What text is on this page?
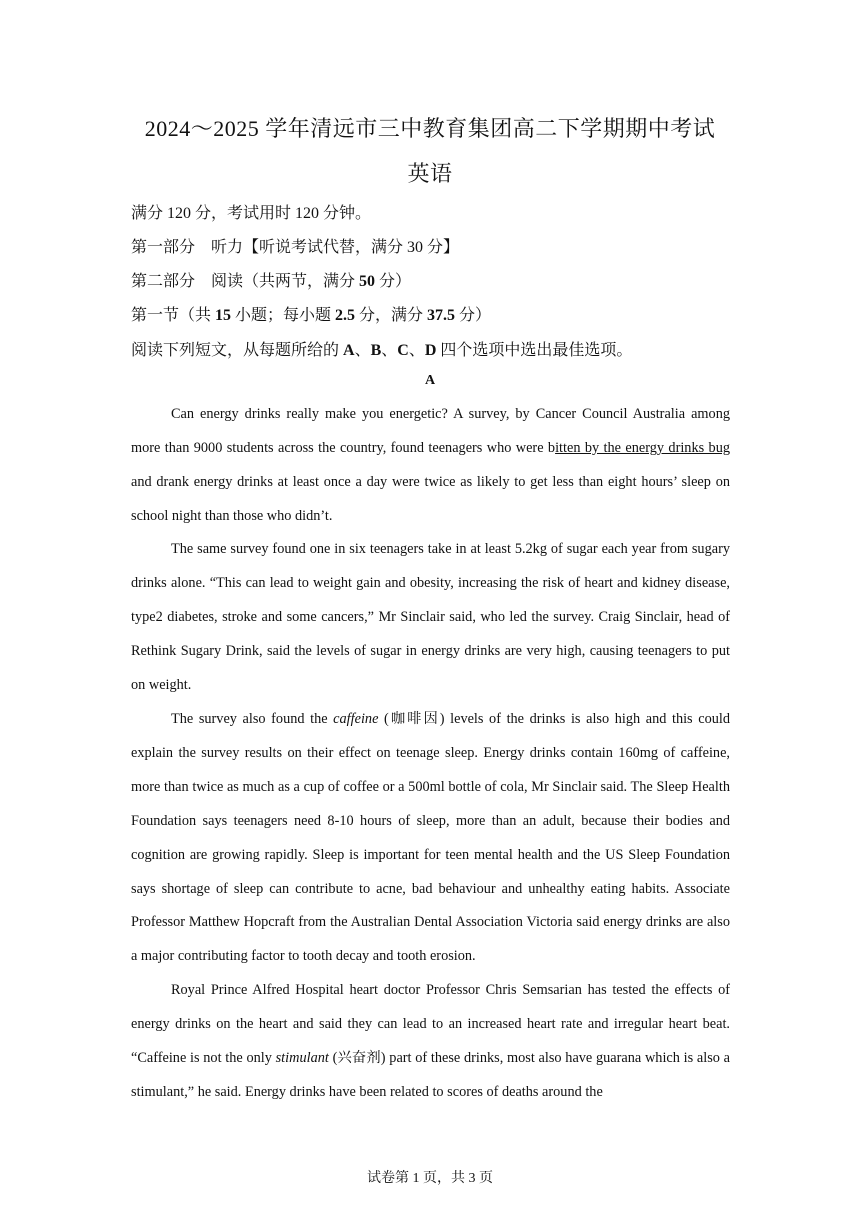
2024～2025 学年清远市三中教育集团高二下学期期中考试
英语
满分 120 分，考试用时 120 分钟。
第一部分　听力【听说考试代替，满分 30 分】
第二部分　阅读（共两节，满分 50 分）
第一节（共 15 小题；每小题 2.5 分，满分 37.5 分）
阅读下列短文，从每题所给的 A、B、C、D 四个选项中选出最佳选项。
A

Can energy drinks really make you energetic? A survey, by Cancer Council Australia among more than 9000 students across the country, found teenagers who were bitten by the energy drinks bug and drank energy drinks at least once a day were twice as likely to get less than eight hours’ sleep on school night than those who didn’t.

The same survey found one in six teenagers take in at least 5.2kg of sugar each year from sugary drinks alone. “This can lead to weight gain and obesity, increasing the risk of heart and kidney disease, type2 diabetes, stroke and some cancers,” Mr Sinclair said, who led the survey. Craig Sinclair, head of Rethink Sugary Drink, said the levels of sugar in energy drinks are very high, causing teenagers to put on weight.

The survey also found the caffeine (咖啡因) levels of the drinks is also high and this could explain the survey results on their effect on teenage sleep. Energy drinks contain 160mg of caffeine, more than twice as much as a cup of coffee or a 500ml bottle of cola, Mr Sinclair said. The Sleep Health Foundation says teenagers need 8-10 hours of sleep, more than an adult, because their bodies and cognition are growing rapidly. Sleep is important for teen mental health and the US Sleep Foundation says shortage of sleep can contribute to acne, bad behaviour and unhealthy eating habits. Associate Professor Matthew Hopcraft from the Australian Dental Association Victoria said energy drinks are also a major contributing factor to tooth decay and tooth erosion.

Royal Prince Alfred Hospital heart doctor Professor Chris Semsarian has tested the effects of energy drinks on the heart and said they can lead to an increased heart rate and irregular heart beat. “Caffeine is not the only stimulant (兴奋剂) part of these drinks, most also have guarana which is also a stimulant,” he said. Energy drinks have been related to scores of deaths around the

试卷第 1 页，共 3 页
